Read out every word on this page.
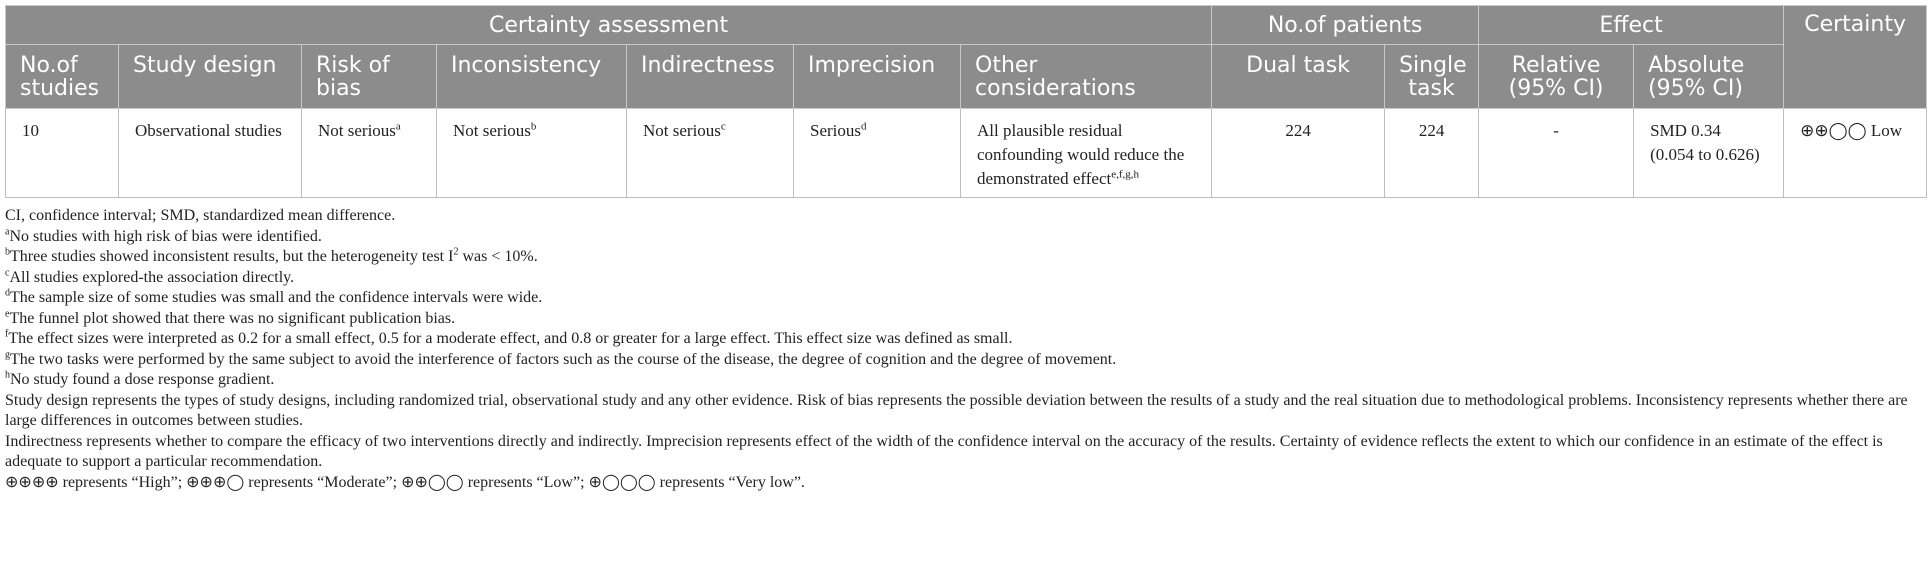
Certainty assessment							No.of patients		Effect		Certainty
No.of studies	Study design	Risk of bias	Inconsistency	Indirectness	Imprecision	Other considerations	Dual task	Single task	Relative (95% CI)	Absolute (95% CI)	
10	Observational studies	Not serious$^a$	Not serious$^b$	Not serious$^c$	Serious$^d$	All plausible residual confounding would reduce the demonstrated effect$^{e,f,g,h}$	224	224	-	SMD 0.34 (0.054 to 0.626)	⊕⊕◯◯ Low

CI, confidence interval; SMD, standardized mean difference.

$^a$No studies with high risk of bias were identified.

$^b$Three studies showed inconsistent results, but the heterogeneity test $I^2$ was < 10%.

$^c$All studies explored-the association directly.

$^d$The sample size of some studies was small and the confidence intervals were wide.

$^e$The funnel plot showed that there was no significant publication bias.

$^f$The effect sizes were interpreted as 0.2 for a small effect, 0.5 for a moderate effect, and 0.8 or greater for a large effect. This effect size was defined as small.

$^g$The two tasks were performed by the same subject to avoid the interference of factors such as the course of the disease, the degree of cognition and the degree of movement.

$^h$No study found a dose response gradient.

Study design represents the types of study designs, including randomized trial, observational study and any other evidence. Risk of bias represents the possible deviation between the results of a study and the real situation due to methodological problems. Inconsistency represents whether there are large differences in outcomes between studies.

Indirectness represents whether to compare the efficacy of two interventions directly and indirectly. Imprecision represents effect of the width of the confidence interval on the accuracy of the results. Certainty of evidence reflects the extent to which our confidence in an estimate of the effect is adequate to support a particular recommendation.

⊕⊕⊕⊕ represents “High”; ⊕⊕⊕◯ represents “Moderate”; ⊕⊕◯◯ represents “Low”; ⊕◯◯◯ represents “Very low”.
